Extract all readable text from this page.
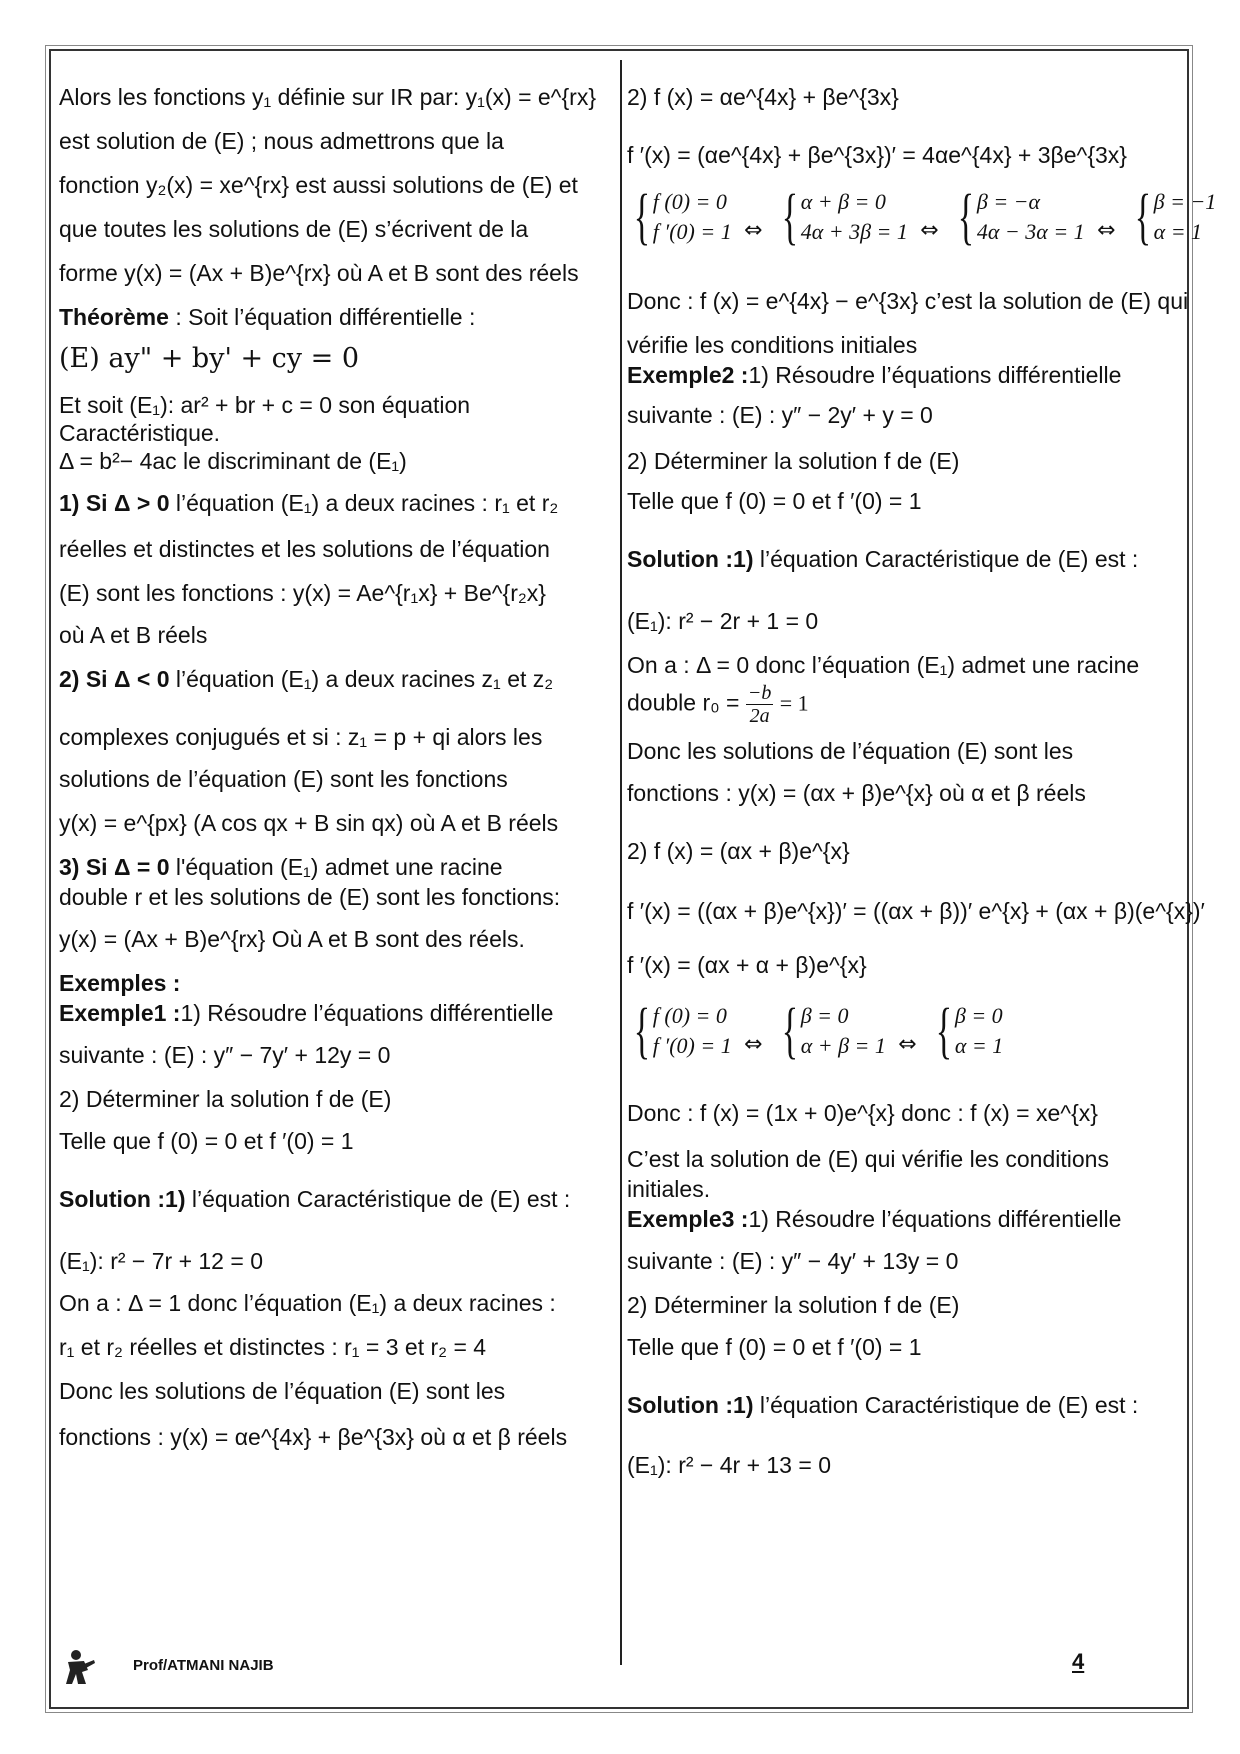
Alors les fonctions y₁ définie sur IR par: y₁(x) = e^{rx}
est solution de (E) ; nous admettrons que la
fonction y₂(x) = xe^{rx} est aussi solutions de (E) et
que toutes les solutions de (E) s’écrivent de la
forme y(x) = (Ax + B)e^{rx} où A et B sont des réels
Théorème : Soit l’équation différentielle :
(E) ay" + by' + cy = 0
Et soit (E₁): ar² + br + c = 0 son équation
Caractéristique.
Δ = b²− 4ac le discriminant de (E₁)
1) Si Δ > 0 l’équation (E₁) a deux racines : r₁ et r₂
réelles et distinctes et les solutions de l’équation
(E) sont les fonctions : y(x) = Ae^{r₁x} + Be^{r₂x}
où A et B réels
2) Si Δ < 0 l’équation (E₁) a deux racines z₁ et z₂
complexes conjugués et si : z₁ = p + qi alors les
solutions de l’équation (E) sont les fonctions
y(x) = e^{px} (A cos qx + B sin qx) où A et B réels
3) Si Δ = 0 l'équation (E₁) admet une racine
double r et les solutions de (E) sont les fonctions:
y(x) = (Ax + B)e^{rx} Où A et B sont des réels.
Exemples :
Exemple1 :1) Résoudre l’équations différentielle
suivante : (E) : y″ − 7y′ + 12y = 0
2) Déterminer la solution f de (E)
Telle que f (0) = 0 et f ′(0) = 1
Solution :1) l’équation Caractéristique de (E) est :
(E₁): r² − 7r + 12 = 0
On a : Δ = 1 donc l’équation (E₁) a deux racines :
r₁ et r₂ réelles et distinctes : r₁ = 3 et r₂ = 4
Donc les solutions de l’équation (E) sont les
fonctions : y(x) = αe^{4x} + βe^{3x} où α et β réels
2) f (x) = αe^{4x} + βe^{3x}
f ′(x) = (αe^{4x} + βe^{3x})′ = 4αe^{4x} + 3βe^{3x}
{ f (0) = 0
f ′(0) = 1 ⇔ { α + β = 0
4α + 3β = 1 ⇔ { β = −α
4α − 3α = 1 ⇔ { β = −1
α = 1
Donc : f (x) = e^{4x} − e^{3x} c’est la solution de (E) qui
vérifie les conditions initiales
Exemple2 :1) Résoudre l’équations différentielle
suivante : (E) : y″ − 2y′ + y = 0
2) Déterminer la solution f de (E)
Telle que f (0) = 0 et f ′(0) = 1
Solution :1) l’équation Caractéristique de (E) est :
(E₁): r² − 2r + 1 = 0
On a : Δ = 0 donc l’équation (E₁) admet une racine
double $r_0 = \frac{-b}{2a} = 1$
Donc les solutions de l’équation (E) sont les
fonctions : y(x) = (αx + β)e^{x} où α et β réels
2) f (x) = (αx + β)e^{x}
f ′(x) = ((αx + β)e^{x})′ = ((αx + β))′ e^{x} + (αx + β)(e^{x})′
f ′(x) = (αx + α + β)e^{x}
{ f (0) = 0
f ′(0) = 1 ⇔ { β = 0
α + β = 1 ⇔ { β = 0
α = 1
Donc : f (x) = (1x + 0)e^{x} donc : f (x) = xe^{x}
C’est la solution de (E) qui vérifie les conditions
initiales.
Exemple3 :1) Résoudre l’équations différentielle
suivante : (E) : y″ − 4y′ + 13y = 0
2) Déterminer la solution f de (E)
Telle que f (0) = 0 et f ′(0) = 1
Solution :1) l’équation Caractéristique de (E) est :
(E₁): r² − 4r + 13 = 0
Prof/ATMANI NAJIB	4
